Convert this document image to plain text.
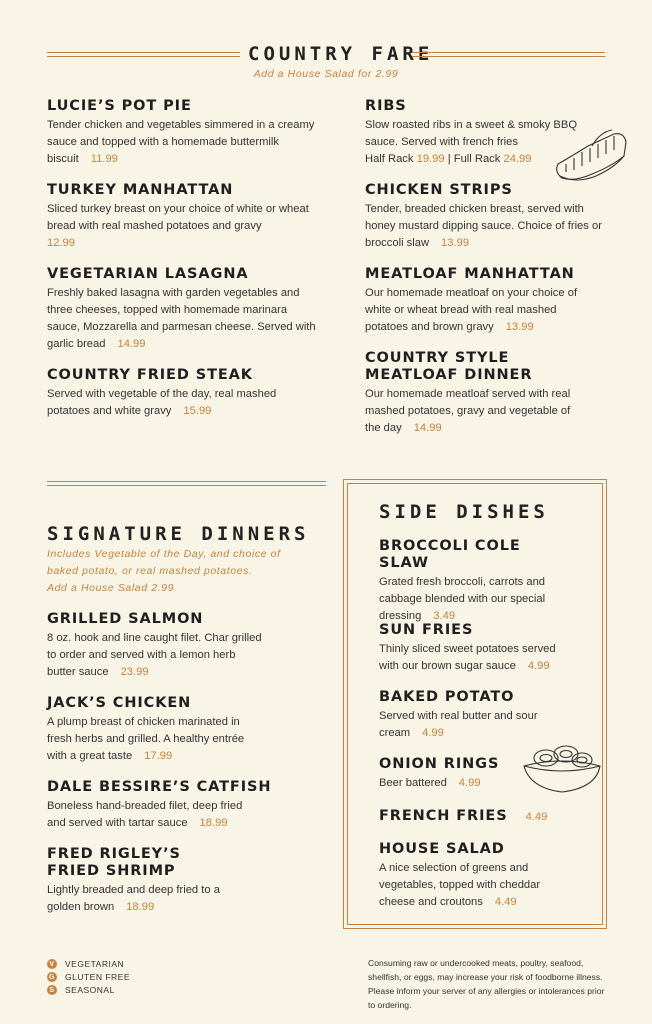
COUNTRY FARE
Add a House Salad for 2.99
LUCIE’S POT PIE

Tender chicken and vegetables simmered in a creamy sauce and topped with a homemade buttermilk biscuit 11.99

TURKEY MANHATTAN

Sliced turkey breast on your choice of white or wheat bread with real mashed potatoes and gravy
12.99

VEGETARIAN LASAGNA

Freshly baked lasagna with garden vegetables and three cheeses, topped with homemade marinara sauce, Mozzarella and parmesan cheese. Served with garlic bread 14.99

COUNTRY FRIED STEAK

Served with vegetable of the day, real mashed potatoes and white gravy 15.99

RIBS

Slow roasted ribs in a sweet & smoky BBQ sauce. Served with french fries
Half Rack 19.99 | Full Rack 24.99

CHICKEN STRIPS

Tender, breaded chicken breast, served with honey mustard dipping sauce. Choice of fries or broccoli slaw 13.99

MEATLOAF MANHATTAN

Our homemade meatloaf on your choice of white or wheat bread with real mashed potatoes and brown gravy 13.99

COUNTRY STYLE MEATLOAF DINNER

Our homemade meatloaf served with real mashed potatoes, gravy and vegetable of the day 14.99

SIGNATURE DINNERS
Includes Vegetable of the Day, and choice of
baked potato, or real mashed potatoes.
Add a House Salad 2.99
GRILLED SALMON

8 oz. hook and line caught filet. Char grilled to order and served with a lemon herb butter sauce 23.99

JACK’S CHICKEN

A plump breast of chicken marinated in fresh herbs and grilled. A healthy entrée with a great taste 17.99

DALE BESSIRE’S CATFISH

Boneless hand-breaded filet, deep fried and served with tartar sauce 18.99

FRED RIGLEY’S FRIED SHRIMP

Lightly breaded and deep fried to a golden brown 18.99

SIDE DISHES
BROCCOLI COLE SLAW

Grated fresh broccoli, carrots and cabbage blended with our special dressing 3.49

SUN FRIES

Thinly sliced sweet potatoes served with our brown sugar sauce 4.99

BAKED POTATO

Served with real butter and sour cream 4.99

ONION RINGS

Beer battered 4.99

FRENCH FRIES 4.49
HOUSE SALAD

A nice selection of greens and vegetables, topped with cheddar cheese and croutons 4.49

V VEGETARIAN
G GLUTEN FREE
S SEASONAL
Consuming raw or undercooked meats, poultry, seafood, shellfish, or eggs, may increase your risk of foodborne illness. Please inform your server of any allergies or intolerances prior to ordering.
